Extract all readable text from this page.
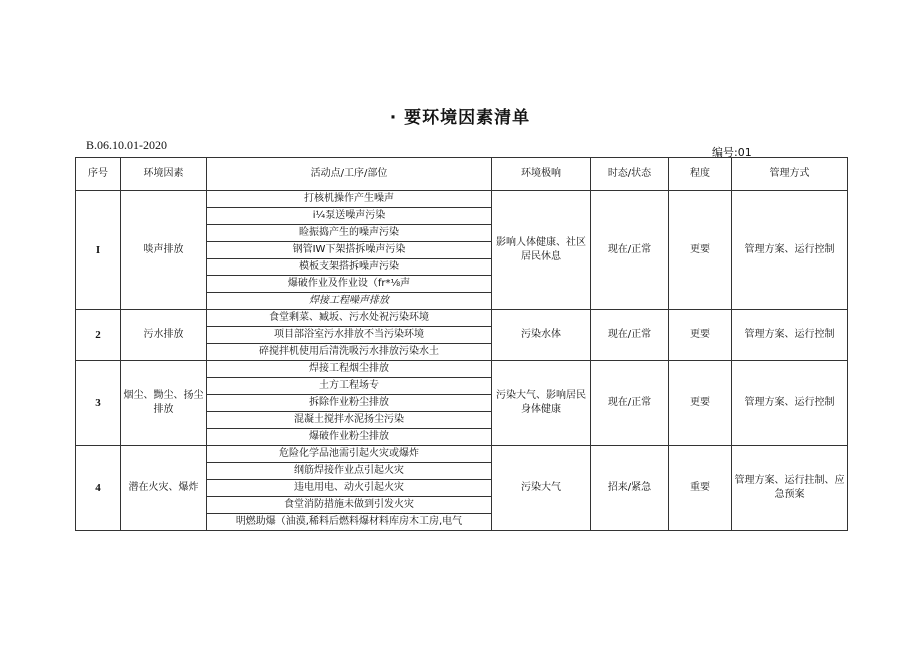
· 要环境因素清单
B.06.10.01-2020
编号:01
序号	环境因素	活动点/工序/部位	环境极响	时态/状态	程度	管理方式
I	啖声排放	打核机操作产生噪声	影响人体健康、社区居民休息	现在/正常	更要	管理方案、运行控制
		i¼泵送噪声污染				
		睑振捣产生的噪声污染				
		钢管IW下架搭拆噪声污染				
		模板支架搭拆噪声污染				
		爆破作业及作业设（fr*⅛声				
		焊接工程噪声排放				
2	污水排放	食堂剩菜、臧坂、污水处祝污染环境	污染水体	现在/正常	更要	管理方案、运行控制
		项目部浴室污水排放不当污染环境				
		碎搅拌机使用后清洗吸污水排放污染水土				
3	烟尘、黝尘、扬尘排放	焊接工程烟尘排放	污染大气、影响居民身体健康	现在/正常	更要	管理方案、运行控制
		土方工程场专				
		拆除作业粉尘排放				
		混凝土搅拌水泥扬尘污染				
		爆破作业粉尘排放				
4	潜在火灾、爆炸	危险化学品池需引起火灾或爆炸	污染大气	招来/紧急	重要	管理方案、运行拄制、应急预案
		纲筋焊接作业点引起火灾				
		违电用电、动火引起火灾				
		食堂消防措施未做到引发火灾				
		明燃助爆（油漠,稀料后燃料爆材料库房木工房,电气				
